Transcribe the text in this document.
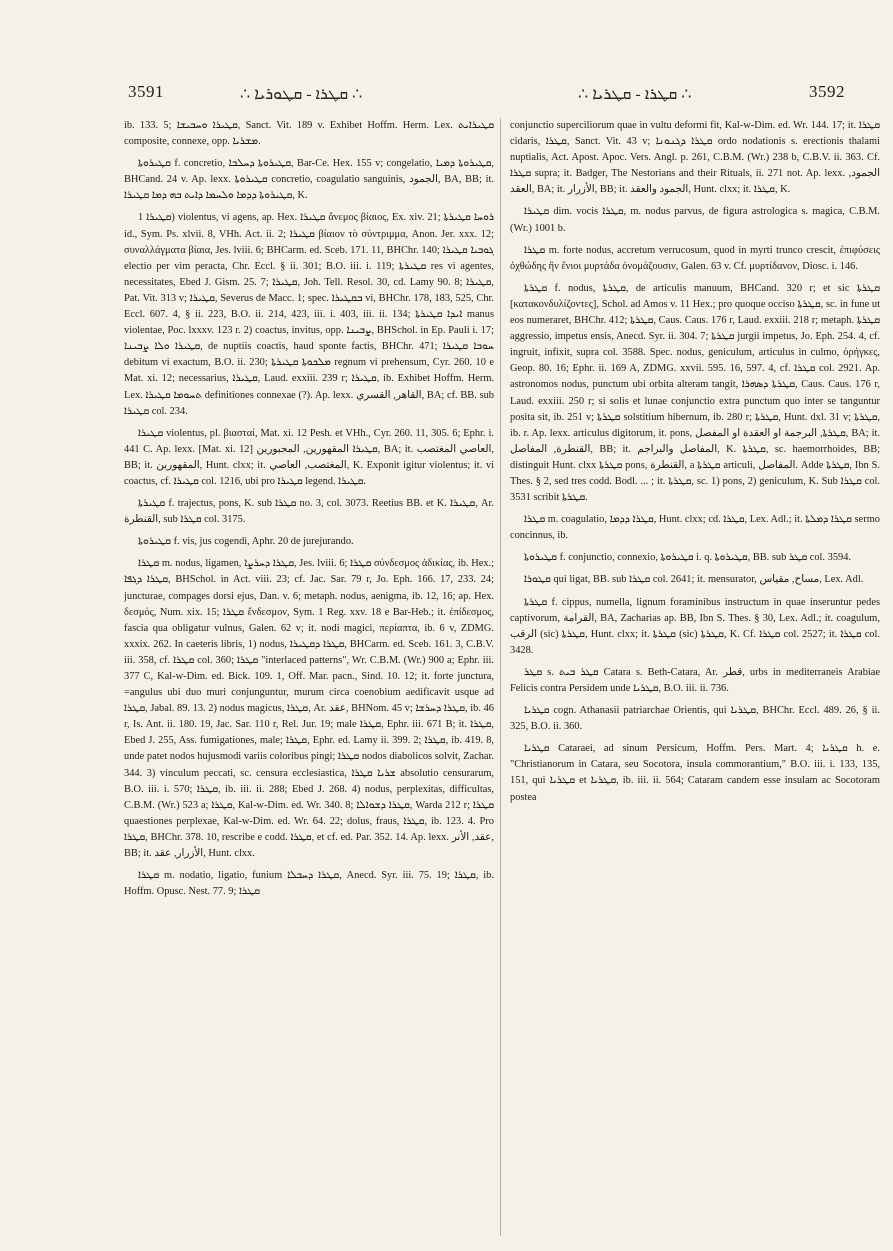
3591	∴ ܩܛܪܐ - ܩܛܘܪܝܐ ∴	∴ ܩܛܪܐ - ܩܛܪܝܐ ∴	3592

ib. 133. 5; ܩܛܝܪܐ ܘܚܒܝܫܐ, Sanct. Vit. 189 v. Exhibet Hoffm. Herm. Lex. ܩܛܝܪܐܝܬ composite, connexe, opp. ܡܫܪܝܐ.

ܩܛܝܪܘܬܐ f. concretio, ܩܛܝܪܘܬܐ ܕܚܠܒܐ, Bar-Ce. Hex. 155 v; congelatio, ܩܛܝܪܘܬܐ ܕܡܝܐ, BHCand. 24 v. Ap. lexx. ܩܛܝܪܘܬܐ concretio, coagulatio sanguinis, الجمود, BA, BB; it. ܩܛܝܪܘܬܐ ܕܕܡܐ ܘܠܚܡܐ ܕܐܝܬ ܒܗ ܕܡܐ ܩܛܝܪܐ, K.

ܩܛܝܪܐ 1) violentus, vi agens, ap. Hex. ܩܛܝܪܐ ἄνεμος βίαιος, Ex. xiv. 21; ܪܘܚܐ ܩܛܝܪܬܐ id., Sym. Ps. xlvii. 8, VHh. Act. ii. 2; ܩܛܝܪܐ βίαιον τὸ σύντριμμα, Anon. Jer. xxx. 12; συναλλάγματα βίαια, Jes. lviii. 6; BHCarm. ed. Sceb. 171. 11, BHChr. 140; ܓܘܒܝܐ ܩܛܝܪܐ electio per vim peracta, Chr. Eccl. § ii. 301; B.O. iii. i. 119; ܩܛܝܪܬܐ res vi agentes, necessitates, Ebed J. Gism. 25. 7; ܩܛܝܪܐ, Joh. Tell. Resol. 30, cd. Lamy 90. 8; ܩܛܝܪܐ, Pat. Vit. 313 v; ܩܛܝܪܐ, Severus de Macc. 1; spec. ܒܩܛܝܪܐ vi, BHChr. 178, 183, 525, Chr. Eccl. 607. 4, § ii. 223, B.O. ii. 214, 423, iii. i. 403, iii. ii. 134; ܐܝܕܐ ܩܛܝܪܬܐ manus violentae, Poc. lxxxv. 123 r. 2) coactus, invitus, opp. ܨܒܝܢܐ, BHSchol. in Ep. Pauli i. 17; ܩܛܝܪܐ ܘܠܐ ܨܒܝܢܐ, de nuptiis coactis, haud sponte factis, BHChr. 471; ܚܘܒܐ ܩܛܝܪܐ debitum vi exactum, B.O. ii. 230; ܡܠܟܘܬܐ ܩܛܝܪܬܐ regnum vi prehensum, Cyr. 260. 10 e Mat. xi. 12; necessarius, ܩܛܝܪܐ, Laud. exxiii. 239 r; ܩܛܝܪܐ, ib. Exhibet Hoffm. Herm. Lex. ܬܚܘܡܐ ܩܛܝܪܐ definitiones connexae (?). Ap. lexx. القاهر, القسري, BA; cf. BB. sub ܩܛܝܪܐ col. 234.

ܩܛܝܪܐ violentus, pl. βιασταί, Mat. xi. 12 Pesh. et VHh., Cyr. 260. 11, 305. 6; Ephr. i. 441 C. Ap. lexx. [Mat. xi. 12] ܩܛܝܪܐ المقهورين, المجبورين, BA; it. العاصي المغتصب, BB; it. المقهورين, Hunt. clxx; it. المغتصب, العاصي, K. Exponit igitur violentus; it. vi coactus, cf. ܩܛܝܪܐ col. 1216, ubi pro ܩܛܝܪܐ legend. ܩܛܝܪܐ.

ܩܛܝܪܬܐ f. trajectus, pons, K. sub ܩܛܪܐ no. 3, col. 3073. Reetius BB. et K. ܩܛܝܪܐ, Ar. القنطرة, sub ܩܛܪܐ col. 3175.

ܩܛܝܪܘܬܐ f. vis, jus cogendi, Aphr. 20 de jurejurando.

ܩܛܪܐ m. nodus, ligamen, ܩܛܪܐ ܕܚܪܨܐ, Jes. lviii. 6; ܩܛܪܐ σύνδεσμος ἀδικίας, ib. Hex.; ܩܛܪܐ ܕܓܦܐ, BHSchol. in Act. viii. 23; cf. Jac. Sar. 79 r, Jo. Eph. 166. 17, 233. 24; juncturae, compages dorsi ejus, Dan. v. 6; metaph. nodus, aenigma, ib. 12, 16; ap. Hex. δεσμός, Num. xix. 15; ܩܛܪܐ ἔνδεσμον, Sym. 1 Reg. xxv. 18 e Bar-Heb.; it. ἐπίδεσμος, fascia qua obligatur vulnus, Galen. 62 v; it. nodi magici, περίαπτα, ib. 6 v, ZDMG. xxxix. 262. In caeteris libris, 1) nodus, ܩܛܪܐ ܕܩܛܝܪܐ, BHCarm. ed. Sceb. 161. 3, C.B.V. iii. 358, cf. ܩܛܪܐ col. 360; ܩܛܪܐ "interlaced patterns", Wr. C.B.M. (Wr.) 900 a; Ephr. iii. 377 C, Kal-w-Dim. ed. Bick. 109. 1, Off. Mar. pacn., Sind. 10. 12; it. forte junctura, =angulus ubi duo muri conjunguntur, murum circa coenobium aedificavit usque ad ܩܛܪܐ, Jabal. 89. 13. 2) nodus magicus, ܩܛܪܐ, Ar. عقد, BHNom. 45 v; ܩܛܪܐ ܕܚܪܫܐ, ib. 46 r, Is. Ant. ii. 180. 19, Jac. Sar. 110 r, Rel. Jur. 19; male ܩܛܪܐ, Ephr. iii. 671 B; it. ܩܛܪܐ, Ebed J. 255, Ass. fumigationes, male; ܩܛܪܐ, Ephr. ed. Lamy ii. 399. 2; ܩܛܪܐ, ib. 419. 8, unde patet nodos hujusmodi variis coloribus pingi; ܩܛܪܐ nodos diabolicos solvit, Zachar. 344. 3) vinculum peccati, sc. censura ecclesiastica, ܫܪܝܐ ܩܛܪܐ absolutio censurarum, B.O. iii. i. 570; ܩܛܪܐ, ib. iii. ii. 288; Ebed J. 268. 4) nodus, perplexitas, difficultas, C.B.M. (Wr.) 523 a; ܩܛܪܐ, Kal-w-Dim. ed. Wr. 340. 8; ܩܛܪܐ ܕܫܘܐܠܐ, Warda 212 r; ܩܛܪܐ quaestiones perplexae, Kal-w-Dim. ed. Wr. 64. 22; dolus, fraus, ܩܛܪܐ, ib. 123. 4. Pro ܩܛܪܐ, BHChr. 378. 10, rescribe e codd. ܩܛܪܐ, et cf. ed. Par. 352. 14. Ap. lexx. عقد, الأنر, BB; it. الأزرار, عقد, Hunt. clxx.

ܩܛܪܐ m. nodatio, ligatio, funium ܩܛܪܐ ܕܚܒܠܐ, Anecd. Syr. iii. 75. 19; ܩܛܪܐ, ib. Hoffm. Opusc. Nest. 77. 9; ܩܛܪܐ

conjunctio superciliorum quae in vultu deformi fit, Kal-w-Dim. ed. Wr. 144. 17; it. ܩܛܪܐ cidaris, ܩܛܪܐ, Sanct. Vit. 43 v; ܩܛܪܐ ܕܓܢܘܢܐ ordo nodationis s. erectionis thalami nuptialis, Act. Apost. Apoc. Vers. Angl. p. 261, C.B.M. (Wr.) 238 b, C.B.V. ii. 363. Cf. ܩܛܪܐ supra; it. Badger, The Nestorians and their Rituals, ii. 271 not. Ap. lexx. الجمود, العقد, BA; it. الأزرار, BB; it. الجمود والعقد, Hunt. clxx; it. ܩܛܪܐ, K.

ܩܛܝܪܐ dim. vocis ܩܛܪܐ, m. nodus parvus, de figura astrologica s. magica, C.B.M. (Wr.) 1001 b.

ܩܛܪܐ m. forte nodus, accretum verrucosum, quod in myrti trunco crescit, ἐπιφύσεις ὀχθώδης ἣν ἔνιοι μυρτάδα ὀνομάζουσιν, Galen. 63 v. Cf. μυρτίδανον, Diosc. i. 146.

ܩܛܪܬܐ f. nodus, ܩܛܪܬܐ, de articulis manuum, BHCand. 320 r; et sic ܩܛܪܬܐ [κατακονδυλίζοντες], Schol. ad Amos v. 11 Hex.; pro quoque occiso ܩܛܪܬܐ, sc. in fune ut eos numeraret, BHChr. 412; ܩܛܪܬܐ, Caus. Caus. 176 r, Laud. exxiii. 218 r; metaph. ܩܛܪܬܐ aggressio, impetus ensis, Anecd. Syr. ii. 304. 7; ܩܛܪܬܐ jurgii impetus, Jo. Eph. 254. 4, cf. ingruit, infixit, supra col. 3588. Spec. nodus, geniculum, articulus in culmo, ὀρήγκες, Geop. 80. 16; Ephr. ii. 169 A, ZDMG. xxvii. 595. 16, 597. 4, cf. ܩܛܪܐ col. 2921. Ap. astronomos nodus, punctum ubi orbita alteram tangit, ܩܛܪܬܐ ܕܣܗܪܐ, Caus. Caus. 176 r, Laud. exxiii. 250 r; si solis et lunae conjunctio extra punctum quo inter se tanguntur posita sit, ib. 251 v; ܩܛܪܬܐ solstitium hibernum, ib. 280 r; ܩܛܪܬܐ, Hunt. dxl. 31 v; ܩܛܪܬܐ, ib. r. Ap. lexx. articulus digitorum, it. pons, ܩܛܪܬܐ, البرجمة او العقدة او المفصل, BA; it. القنطرة, المفاصل, BB; it. المفاصل والبراجم, K. ܩܛܪܬܐ, sc. haemorrhoides, BB; distinguit Hunt. clxx ܩܛܪܬܐ pons, القنطرة, a ܩܛܪܬܐ articuli, المفاصل. Adde ܩܛܪܬܐ, Ibn S. Thes. § 2, sed tres codd. Bodl. ... ; it. ܩܛܪܬܐ, sc. 1) pons, 2) geniculum, K. Sub ܩܛܪܐ col. 3531 scribit ܩܛܪܬܐ.

ܩܛܪܐ m. coagulatio, ܩܛܪܐ ܕܕܡܐ, Hunt. clxx; cd. ܩܛܪܐ, Lex. Adl.; it. ܩܛܪܐ ܕܡܠܬܐ sermo concinnus, ib.

ܩܛܝܪܘܬܐ f. conjunctio, connexio, ܩܛܝܪܘܬܐ i. q. ܩܛܝܪܘܬܐ, BB. sub ܩܛܪ col. 3594.

ܩܛܘܪܐ qui ligat, BB. sub ܩܛܪܐ col. 2641; it. mensurator, مساح, مقياس, Lex. Adl.

ܩܛܪܬܐ f. cippus, numella, lignum foraminibus instructum in quae inseruntur pedes captivorum, القرامة, BA, Zacharias ap. BB, Ibn S. Thes. § 30, Lex. Adl.; it. coagulum, الرقب (sic) ܩܛܪܬܐ, Hunt. clxx; it. ܩܛܪܬܐ (sic) ܩܛܪܬܐ, K. Cf. ܩܛܪܐ col. 2527; it. ܩܛܪܐ col. 3428.

ܩܛܪ s. ܩܛܪ ܒܝܬ Catara s. Beth-Catara, Ar. قطر, urbs in mediterraneis Arabiae Felicis contra Persidem unde ܩܛܪܝܐ, B.O. iii. ii. 736.

ܩܛܪܝܐ cogn. Athanasii patriarchae Orientis, qui ܩܛܪܝܐ, BHChr. Eccl. 489. 26, § ii. 325, B.O. ii. 360.

ܩܛܪܝܐ Cataraei, ad sinum Persicum, Hoffm. Pers. Mart. 4; ܩܛܪܝܐ h. e. "Christianorum in Catara, seu Socotora, insula commorantium," B.O. iii. i. 133, 135, 151, qui ܩܛܪܝܐ et ܩܛܪܝܐ, ib. iii. ii. 564; Cataram candem esse insulam ac Socotoram postea
